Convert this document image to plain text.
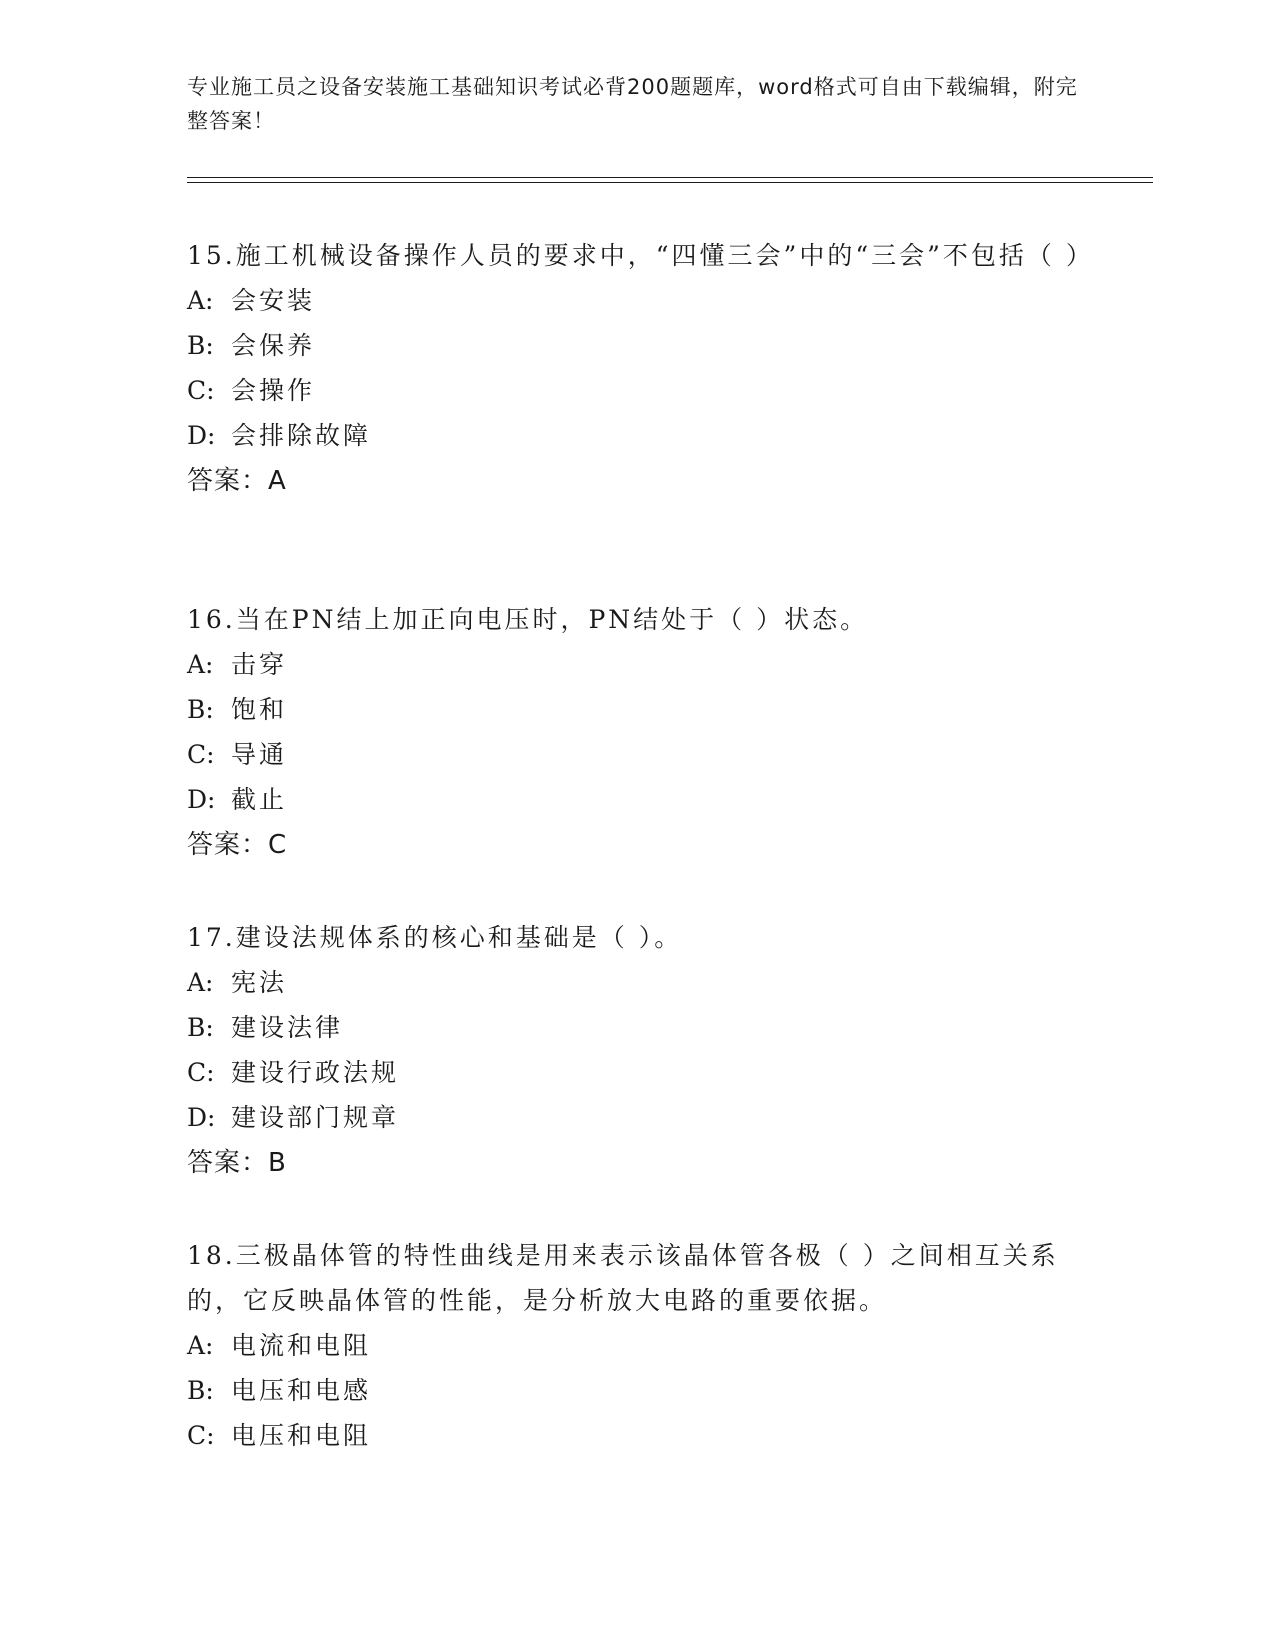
专业施工员之设备安装施工基础知识考试必背200题题库，word格式可自由下载编辑，附完整答案！

15.施工机械设备操作人员的要求中，“四懂三会”中的“三会”不包括（ ）

A: 会安装
B: 会保养
C: 会操作
D: 会排除故障
答案：A

16.当在PN结上加正向电压时，PN结处于（ ）状态。

A: 击穿
B: 饱和
C: 导通
D: 截止
答案：C

17.建设法规体系的核心和基础是（ ）。

A: 宪法
B: 建设法律
C: 建设行政法规
D: 建设部门规章
答案：B

18.三极晶体管的特性曲线是用来表示该晶体管各极（ ）之间相互关系的，它反映晶体管的性能，是分析放大电路的重要依据。

A: 电流和电阻
B: 电压和电感
C: 电压和电阻
